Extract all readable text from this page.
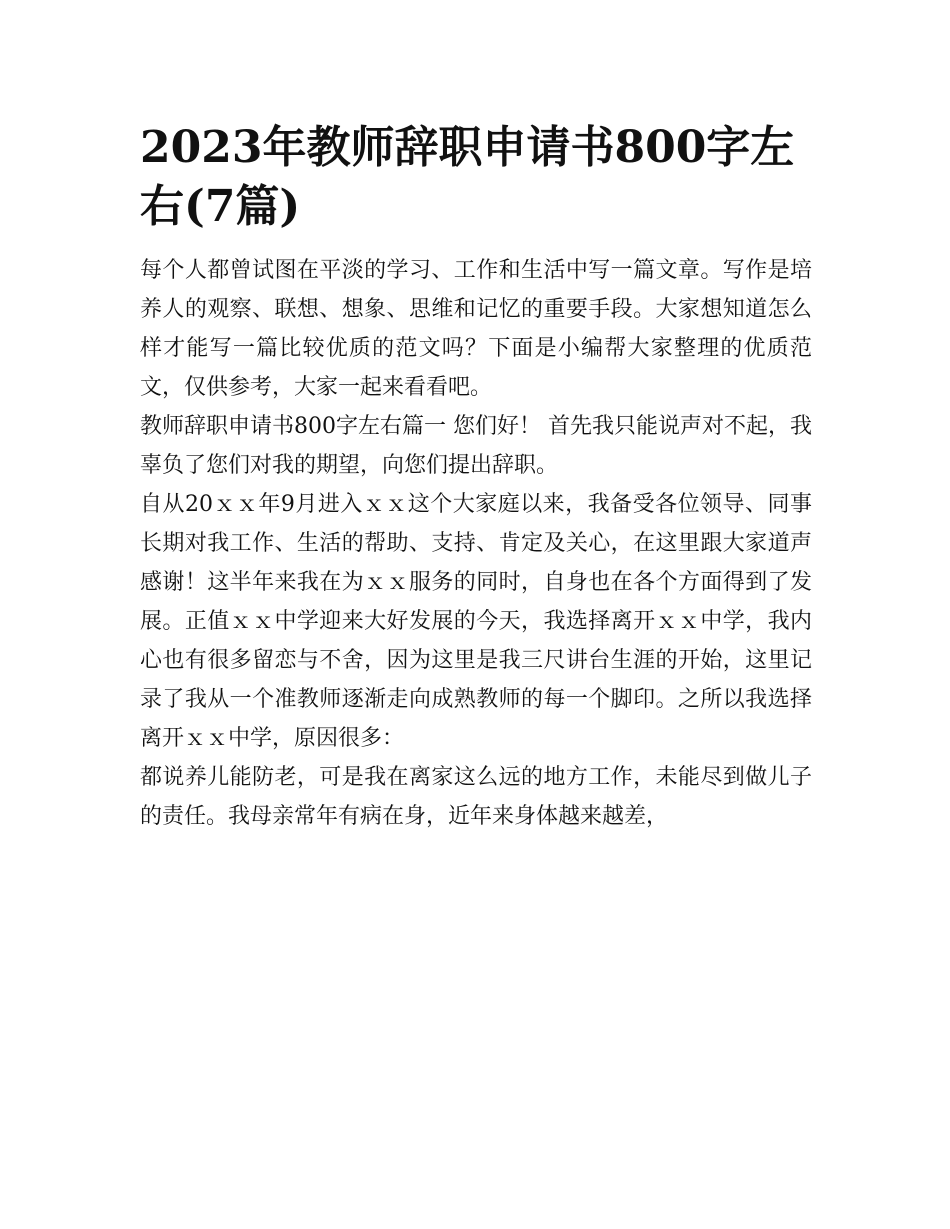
2023年教师辞职申请书800字左右(7篇)

每个人都曾试图在平淡的学习、工作和生活中写一篇文章。写作是培养人的观察、联想、想象、思维和记忆的重要手段。大家想知道怎么样才能写一篇比较优质的范文吗？下面是小编帮大家整理的优质范文，仅供参考，大家一起来看看吧。

教师辞职申请书800字左右篇一 您们好！ 首先我只能说声对不起，我辜负了您们对我的期望，向您们提出辞职。

自从20ｘｘ年9月进入ｘｘ这个大家庭以来，我备受各位领导、同事长期对我工作、生活的帮助、支持、肯定及关心，在这里跟大家道声感谢！这半年来我在为ｘｘ服务的同时，自身也在各个方面得到了发展。正值ｘｘ中学迎来大好发展的今天，我选择离开ｘｘ中学，我内心也有很多留恋与不舍，因为这里是我三尺讲台生涯的开始，这里记录了我从一个准教师逐渐走向成熟教师的每一个脚印。之所以我选择离开ｘｘ中学，原因很多：

都说养儿能防老，可是我在离家这么远的地方工作，未能尽到做儿子的责任。我母亲常年有病在身，近年来身体越来越差，
